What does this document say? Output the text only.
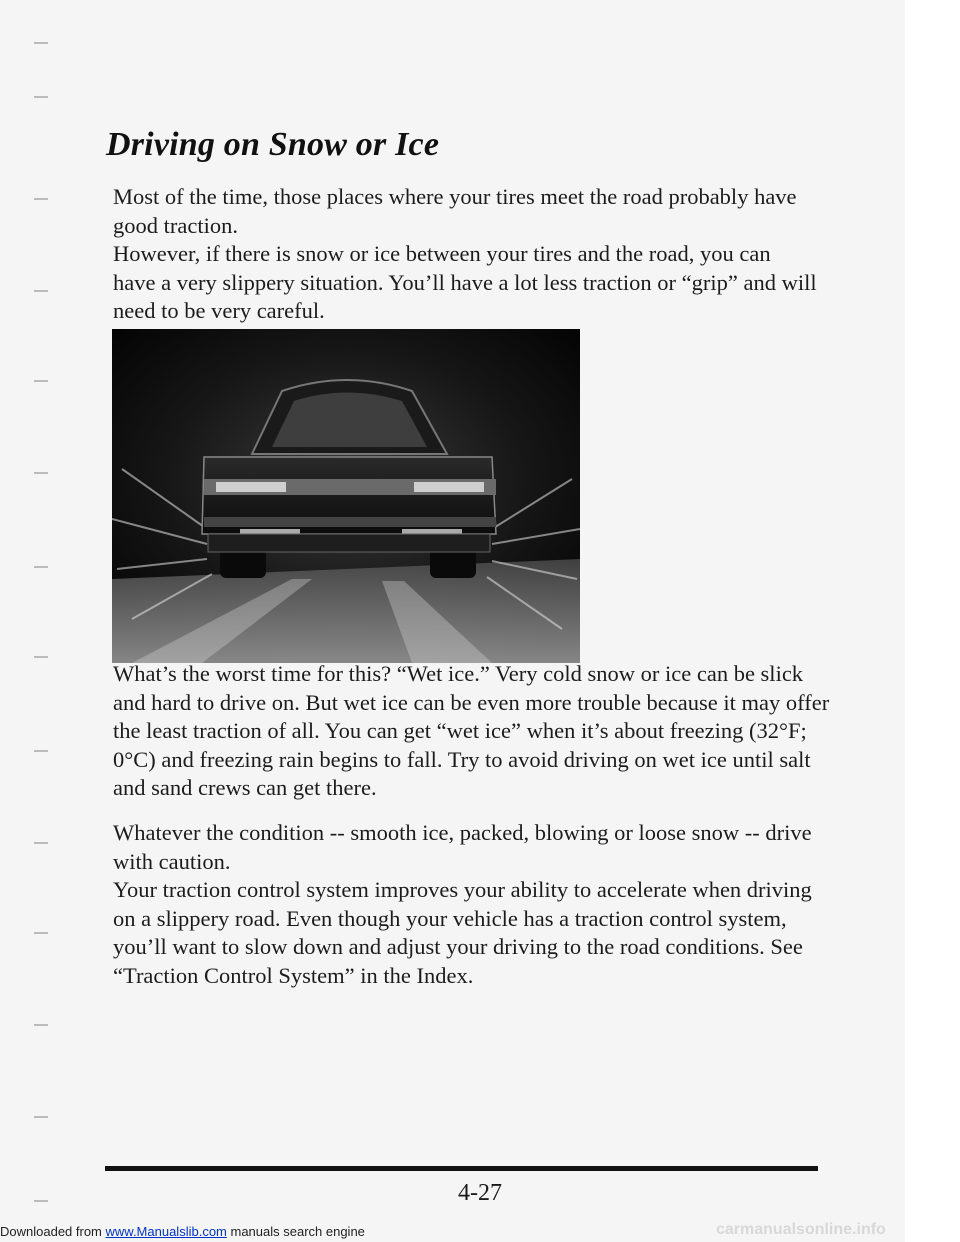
Driving on Snow or Ice

Most of the time, those places where your tires meet the road probably have good traction.

However, if there is snow or ice between your tires and the road, you can have a very slippery situation. You’ll have a lot less traction or “grip” and will need to be very careful.

What’s the worst time for this? “Wet ice.” Very cold snow or ice can be slick and hard to drive on. But wet ice can be even more trouble because it may offer the least traction of all. You can get “wet ice” when it’s about freezing (32°F; 0°C) and freezing rain begins to fall. Try to avoid driving on wet ice until salt and sand crews can get there.

Whatever the condition -- smooth ice, packed, blowing or loose snow -- drive with caution.

Your traction control system improves your ability to accelerate when driving on a slippery road. Even though your vehicle has a traction control system, you’ll want to slow down and adjust your driving to the road conditions. See “Traction Control System” in the Index.

4-27
Downloaded from www.Manualslib.com manuals search engine	carmanualsonline.info
